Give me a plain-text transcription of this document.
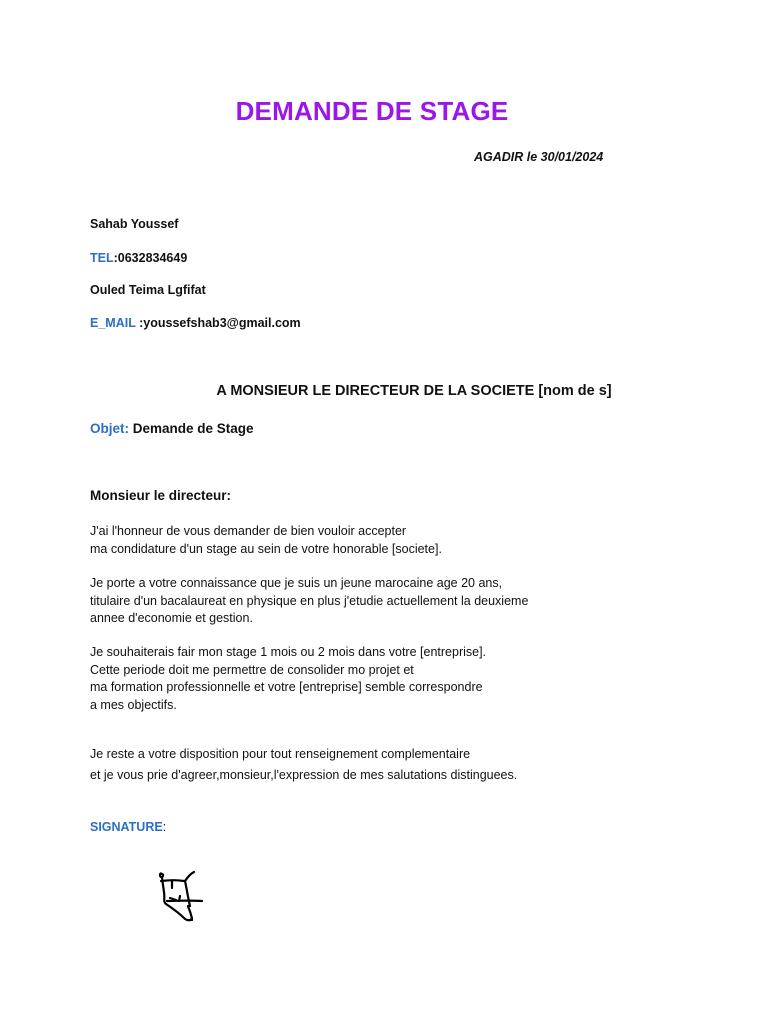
DEMANDE DE STAGE
AGADIR le 30/01/2024
Sahab Youssef
TEL:0632834649
Ouled Teima Lgfifat
E_MAIL :youssefshab3@gmail.com
A MONSIEUR LE DIRECTEUR DE LA SOCIETE [nom de s]
Objet: Demande de Stage
Monsieur le directeur:
J'ai l'honneur de vous demander de bien vouloir accepter
ma condidature d'un stage au sein de votre honorable [societe].
Je porte a votre connaissance que je suis un jeune marocaine age 20 ans,
titulaire d'un bacalaureat en physique en plus j'etudie actuellement la deuxieme
annee d'economie et gestion.
Je souhaiterais fair mon stage 1 mois ou 2 mois dans votre [entreprise].
Cette periode doit me permettre de consolider mo projet et
ma formation professionnelle et votre [entreprise] semble correspondre
a mes objectifs.
Je reste a votre disposition pour tout renseignement complementaire
et je vous prie d'agreer,monsieur,l'expression de mes salutations distinguees.
SIGNATURE:
